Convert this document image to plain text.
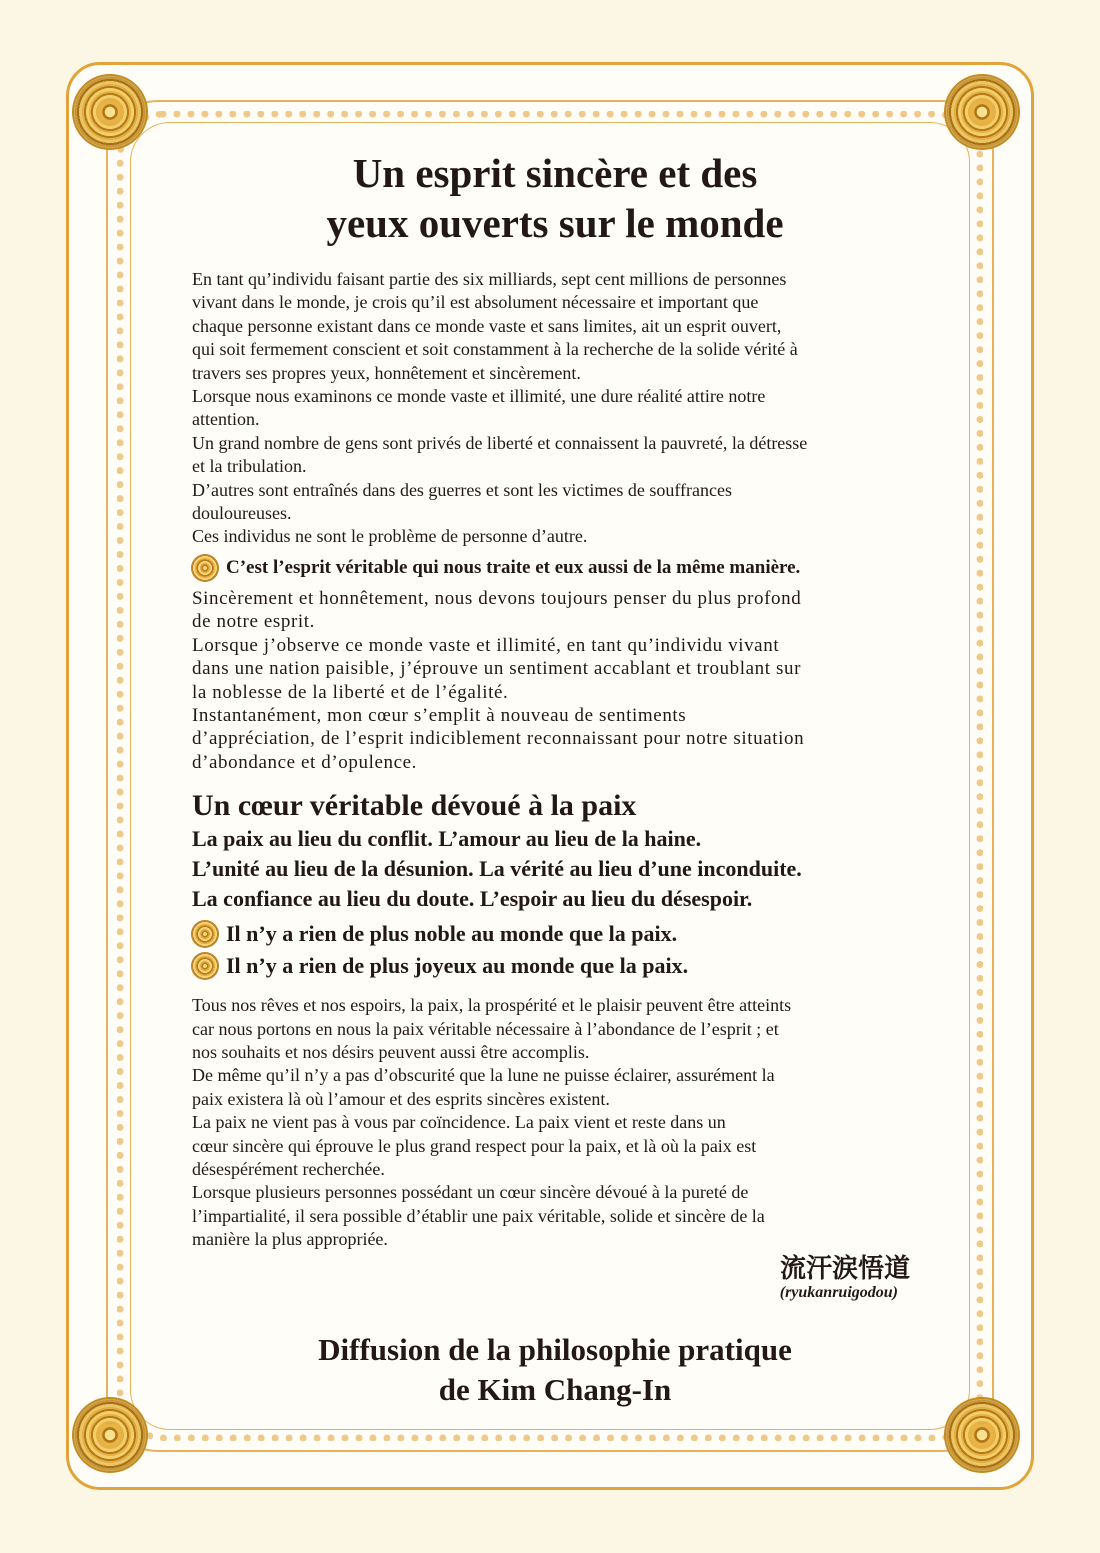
Un esprit sincère et des
yeux ouverts sur le monde
En tant qu’individu faisant partie des six milliards, sept cent millions de personnes
vivant dans le monde, je crois qu’il est absolument nécessaire et important que
chaque personne existant dans ce monde vaste et sans limites, ait un esprit ouvert,
qui soit fermement conscient et soit constamment à la recherche de la solide vérité à
travers ses propres yeux, honnêtement et sincèrement.
Lorsque nous examinons ce monde vaste et illimité, une dure réalité attire notre
attention.
Un grand nombre de gens sont privés de liberté et connaissent la pauvreté, la détresse
et la tribulation.
D’autres sont entraînés dans des guerres et sont les victimes de souffrances
douloureuses.
Ces individus ne sont le problème de personne d’autre.
C’est l’esprit véritable qui nous traite et eux aussi de la même manière.
Sincèrement et honnêtement, nous devons toujours penser du plus profond
de notre esprit.
Lorsque j’observe ce monde vaste et illimité, en tant qu’individu vivant
dans une nation paisible, j’éprouve un sentiment accablant et troublant sur
la noblesse de la liberté et de l’égalité.
Instantanément, mon cœur s’emplit à nouveau de sentiments
d’appréciation, de l’esprit indiciblement reconnaissant pour notre situation
d’abondance et d’opulence.
Un cœur véritable dévoué à la paix
La paix au lieu du conflit. L’amour au lieu de la haine.
L’unité au lieu de la désunion. La vérité au lieu d’une inconduite.
La confiance au lieu du doute. L’espoir au lieu du désespoir.
Il n’y a rien de plus noble au monde que la paix.
Il n’y a rien de plus joyeux au monde que la paix.
Tous nos rêves et nos espoirs, la paix, la prospérité et le plaisir peuvent être atteints
car nous portons en nous la paix véritable nécessaire à l’abondance de l’esprit ; et
nos souhaits et nos désirs peuvent aussi être accomplis.
De même qu’il n’y a pas d’obscurité que la lune ne puisse éclairer, assurément la
paix existera là où l’amour et des esprits sincères existent.
La paix ne vient pas à vous par coïncidence. La paix vient et reste dans un
cœur sincère qui éprouve le plus grand respect pour la paix, et là où la paix est
désespérément recherchée.
Lorsque plusieurs personnes possédant un cœur sincère dévoué à la pureté de
l’impartialité, il sera possible d’établir une paix véritable, solide et sincère de la
manière la plus appropriée.
流汗涙悟道
(ryukanruigodou)
Diffusion de la philosophie pratique
de Kim Chang-In
